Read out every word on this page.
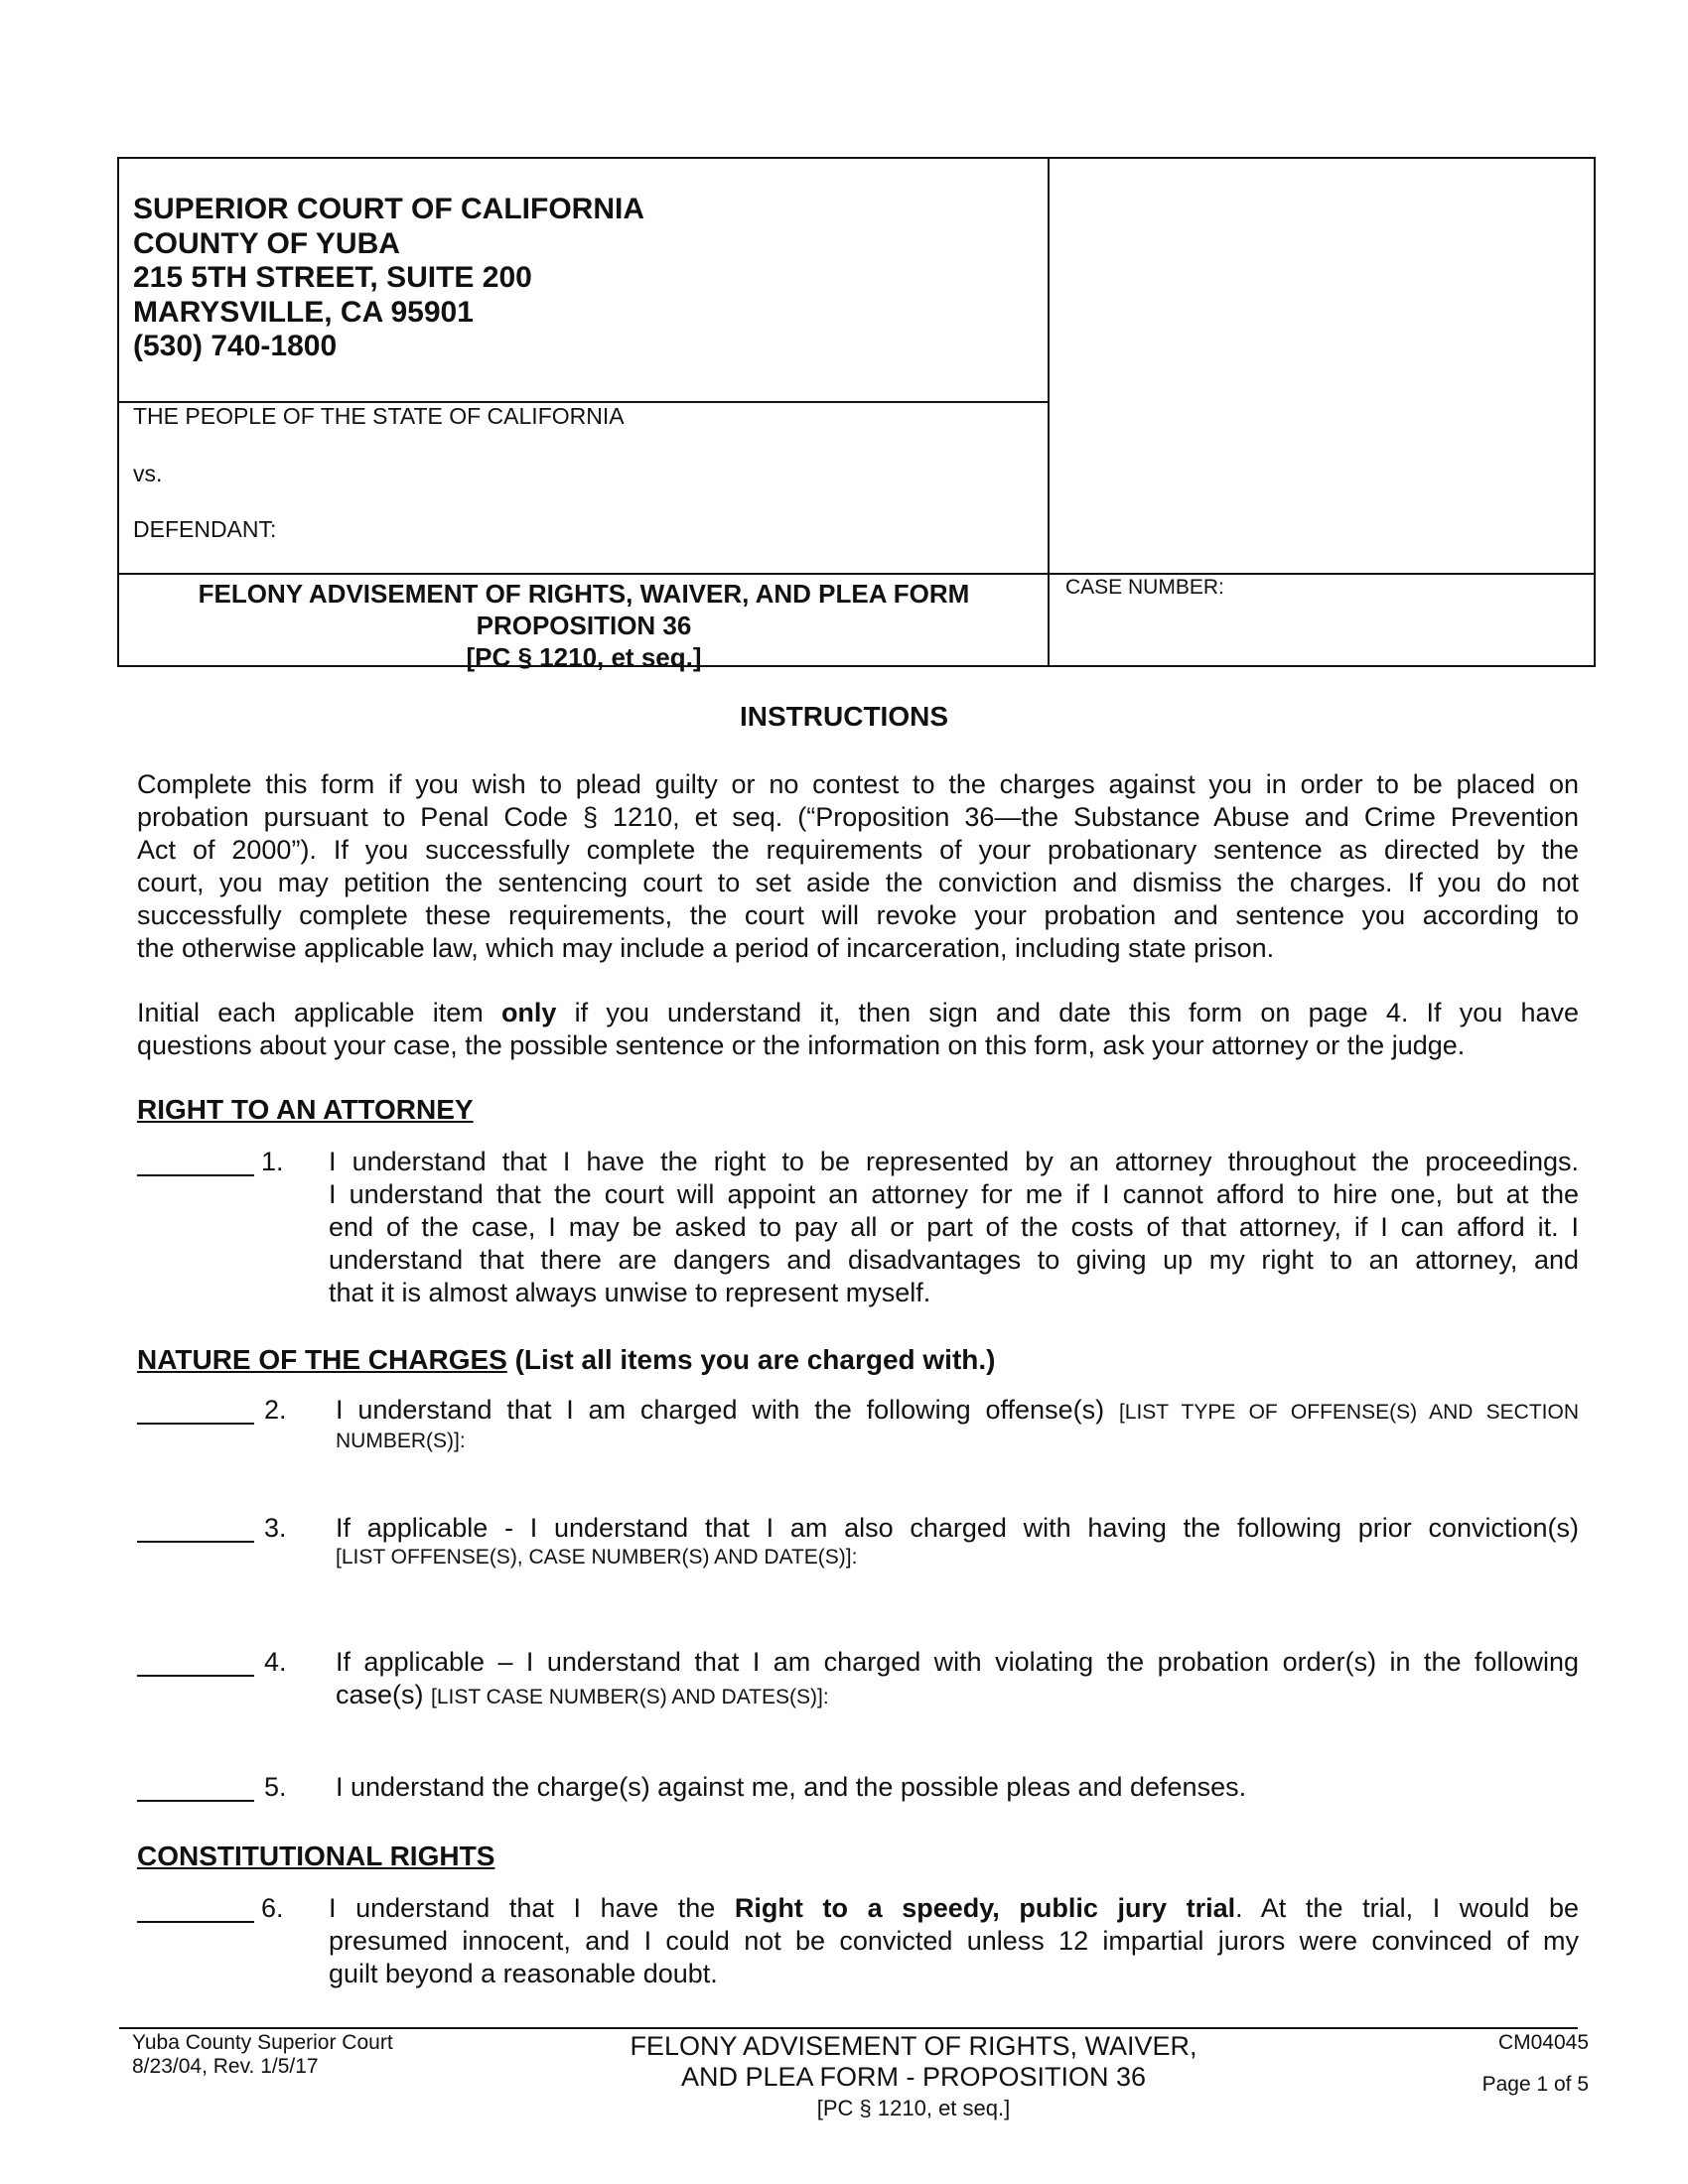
SUPERIOR COURT OF CALIFORNIA
COUNTY OF YUBA
215 5TH STREET, SUITE 200
MARYSVILLE, CA 95901
(530) 740-1800
THE PEOPLE OF THE STATE OF CALIFORNIA
vs.
DEFENDANT:
FELONY ADVISEMENT OF RIGHTS, WAIVER, AND PLEA FORM
PROPOSITION 36
[PC § 1210, et seq.]
CASE NUMBER:
INSTRUCTIONS
Complete this form if you wish to plead guilty or no contest to the charges against you in order to be placed on
probation pursuant to Penal Code § 1210, et seq. (“Proposition 36—the Substance Abuse and Crime Prevention
Act of 2000”). If you successfully complete the requirements of your probationary sentence as directed by the
court, you may petition the sentencing court to set aside the conviction and dismiss the charges. If you do not
successfully complete these requirements, the court will revoke your probation and sentence you according to
the otherwise applicable law, which may include a period of incarceration, including state prison.
Initial each applicable item only if you understand it, then sign and date this form on page 4. If you have
questions about your case, the possible sentence or the information on this form, ask your attorney or the judge.
RIGHT TO AN ATTORNEY
1.	I understand that I have the right to be represented by an attorney throughout the proceedings.
I understand that the court will appoint an attorney for me if I cannot afford to hire one, but at the
end of the case, I may be asked to pay all or part of the costs of that attorney, if I can afford it. I
understand that there are dangers and disadvantages to giving up my right to an attorney, and
that it is almost always unwise to represent myself.
NATURE OF THE CHARGES (List all items you are charged with.)
2.	I understand that I am charged with the following offense(s) [LIST TYPE OF OFFENSE(S) AND SECTION
NUMBER(S)]:
3.	If applicable - I understand that I am also charged with having the following prior conviction(s)
[LIST OFFENSE(S), CASE NUMBER(S) AND DATE(S)]:
4.	If applicable – I understand that I am charged with violating the probation order(s) in the following
case(s) [LIST CASE NUMBER(S) AND DATES(S)]:
5.	I understand the charge(s) against me, and the possible pleas and defenses.
CONSTITUTIONAL RIGHTS
6.	I understand that I have the Right to a speedy, public jury trial. At the trial, I would be
presumed innocent, and I could not be convicted unless 12 impartial jurors were convinced of my
guilt beyond a reasonable doubt.
Yuba County Superior Court
8/23/04, Rev. 1/5/17
FELONY ADVISEMENT OF RIGHTS, WAIVER,
AND PLEA FORM - PROPOSITION 36
[PC § 1210, et seq.]
CM04045
Page 1 of 5
